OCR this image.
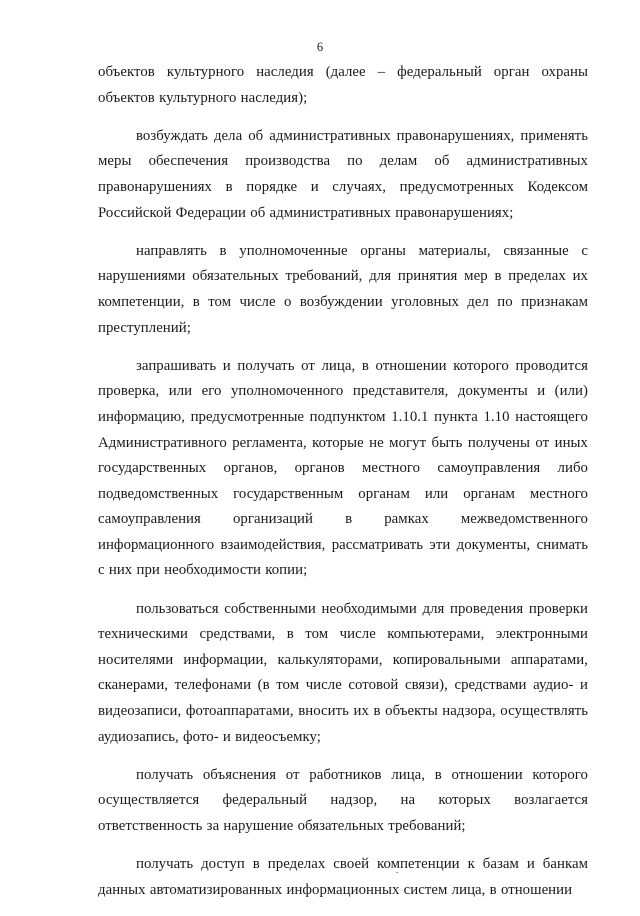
6

объектов культурного наследия (далее – федеральный орган охраны объектов культурного наследия);

возбуждать дела об административных правонарушениях, применять меры обеспечения производства по делам об административных правонарушениях в порядке и случаях, предусмотренных Кодексом Российской Федерации об административных правонарушениях;

направлять в уполномоченные органы материалы, связанные с нарушениями обязательных требований, для принятия мер в пределах их компетенции, в том числе о возбуждении уголовных дел по признакам преступлений;

запрашивать и получать от лица, в отношении которого проводится проверка, или его уполномоченного представителя, документы и (или) информацию, предусмотренные подпунктом 1.10.1 пункта 1.10 настоящего Административного регламента, которые не могут быть получены от иных государственных органов, органов местного самоуправления либо подведомственных государственным органам или органам местного самоуправления организаций в рамках межведомственного информационного взаимодействия, рассматривать эти документы, снимать с них при необходимости копии;

пользоваться собственными необходимыми для проведения проверки техническими средствами, в том числе компьютерами, электронными носителями информации, калькуляторами, копировальными аппаратами, сканерами, телефонами (в том числе сотовой связи), средствами аудио- и видеозаписи, фотоаппаратами, вносить их в объекты надзора, осуществлять аудиозапись, фото- и видеосъемку;

получать объяснения от работников лица, в отношении которого осуществляется федеральный надзор, на которых возлагается ответственность за нарушение обязательных требований;

получать доступ в пределах своей компетенции к базам и банкам данных автоматизированных информационных систем лица, в отношении
